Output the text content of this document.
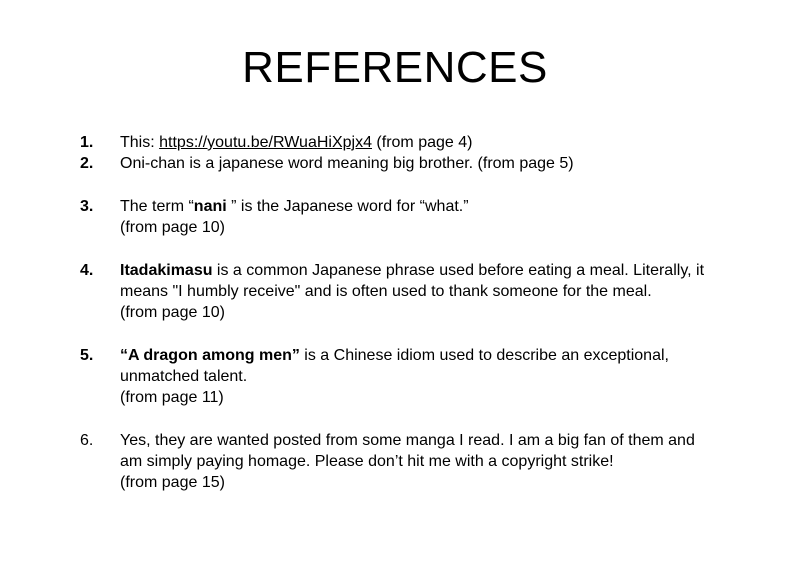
REFERENCES
1.	This: https://youtu.be/RWuaHiXpjx4 (from page 4)
2.	Oni-chan is a japanese word meaning big brother. (from page 5)
3.	The term “nani ” is the Japanese word for “what.”
(from page 10)
4.	Itadakimasu is a common Japanese phrase used before eating a meal. Literally, it
means "I humbly receive" and is often used to thank someone for the meal.
(from page 10)
5.	“A dragon among men” is a Chinese idiom used to describe an exceptional,
unmatched talent.
(from page 11)
6.	Yes, they are wanted posted from some manga I read. I am a big fan of them and
am simply paying homage. Please don’t hit me with a copyright strike!
(from page 15)
